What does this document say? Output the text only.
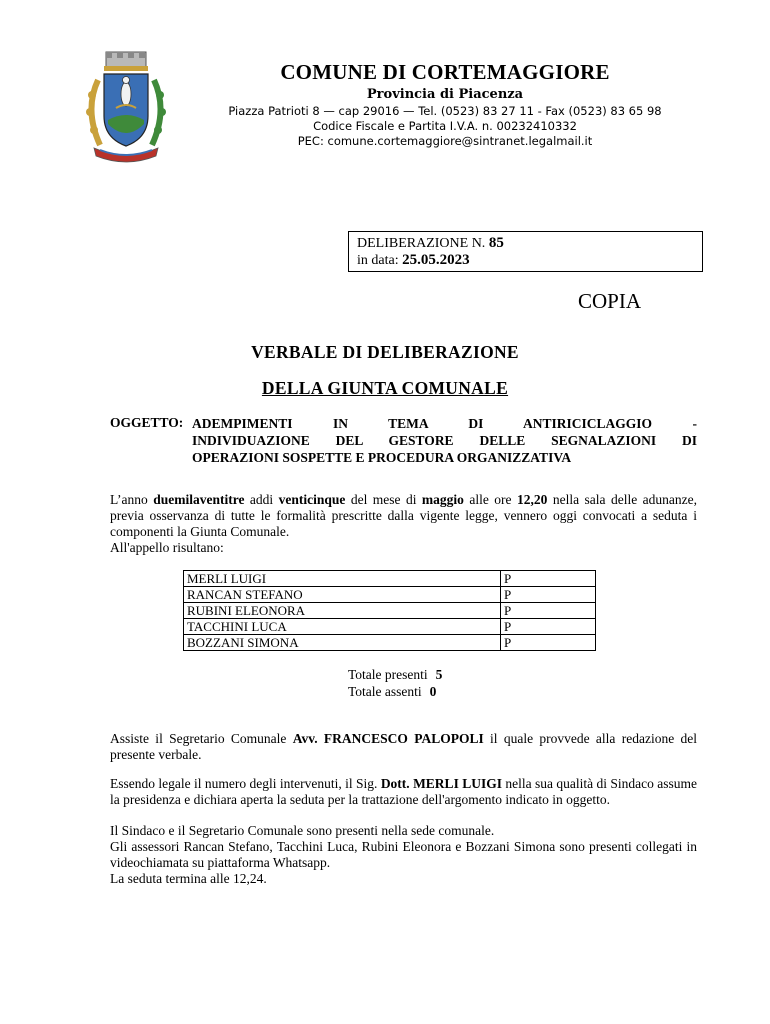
COMUNE DI CORTEMAGGIORE
Provincia di Piacenza
Piazza Patrioti 8 — cap 29016 — Tel. (0523) 83 27 11 - Fax (0523) 83 65 98
Codice Fiscale e Partita I.V.A. n. 00232410332
PEC: comune.cortemaggiore@sintranet.legalmail.it
DELIBERAZIONE N. 85
in data: 25.05.2023
COPIA
VERBALE DI DELIBERAZIONE
DELLA GIUNTA COMUNALE
OGGETTO: ADEMPIMENTI IN TEMA DI ANTIRICICLAGGIO -
INDIVIDUAZIONE DEL GESTORE DELLE SEGNALAZIONI DI
OPERAZIONI SOSPETTE E PROCEDURA ORGANIZZATIVA
L’anno duemilaventitre addi venticinque del mese di maggio alle ore 12,20 nella sala delle adunanze, previa osservanza di tutte le formalità prescritte dalla vigente legge, vennero oggi convocati a seduta i componenti la Giunta Comunale.
All'appello risultano:
MERLI LUIGI	P
RANCAN STEFANO	P
RUBINI ELEONORA	P
TACCHINI LUCA	P
BOZZANI SIMONA	P
Totale presenti 5
Totale assenti 0
Assiste il Segretario Comunale Avv. FRANCESCO PALOPOLI il quale provvede alla redazione del presente verbale.
Essendo legale il numero degli intervenuti, il Sig. Dott. MERLI LUIGI nella sua qualità di Sindaco assume la presidenza e dichiara aperta la seduta per la trattazione dell'argomento indicato in oggetto.
Il Sindaco e il Segretario Comunale sono presenti nella sede comunale.
Gli assessori Rancan Stefano, Tacchini Luca, Rubini Eleonora e Bozzani Simona sono presenti collegati in videochiamata su piattaforma Whatsapp.
La seduta termina alle 12,24.
